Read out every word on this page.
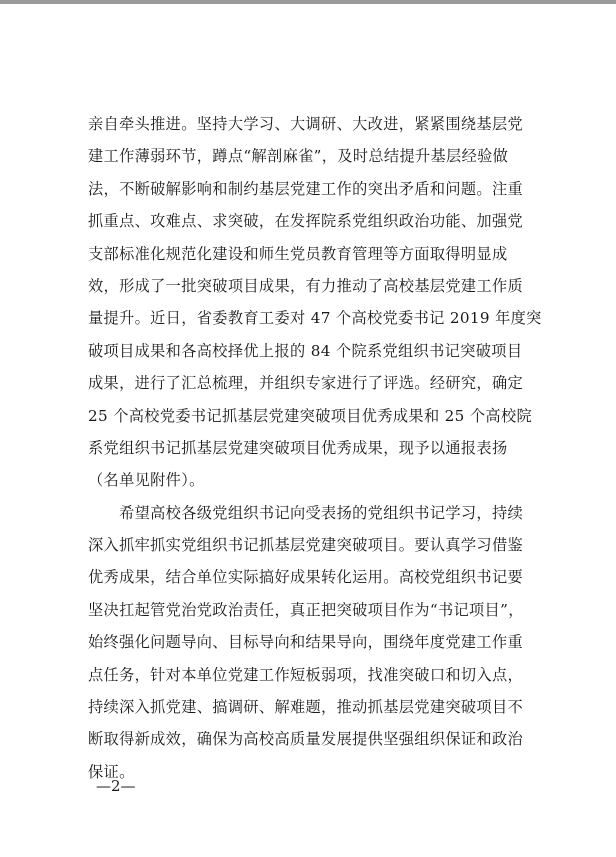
亲自牵头推进。坚持大学习、大调研、大改进，紧紧围绕基层党
建工作薄弱环节，蹲点“解剖麻雀”，及时总结提升基层经验做
法，不断破解影响和制约基层党建工作的突出矛盾和问题。注重
抓重点、攻难点、求突破，在发挥院系党组织政治功能、加强党
支部标准化规范化建设和师生党员教育管理等方面取得明显成
效，形成了一批突破项目成果，有力推动了高校基层党建工作质
量提升。近日，省委教育工委对 47 个高校党委书记 2019 年度突
破项目成果和各高校择优上报的 84 个院系党组织书记突破项目
成果，进行了汇总梳理，并组织专家进行了评选。经研究，确定
25 个高校党委书记抓基层党建突破项目优秀成果和 25 个高校院
系党组织书记抓基层党建突破项目优秀成果，现予以通报表扬
（名单见附件）。
　　希望高校各级党组织书记向受表扬的党组织书记学习，持续
深入抓牢抓实党组织书记抓基层党建突破项目。要认真学习借鉴
优秀成果，结合单位实际搞好成果转化运用。高校党组织书记要
坚决扛起管党治党政治责任，真正把突破项目作为“书记项目”，
始终强化问题导向、目标导向和结果导向，围绕年度党建工作重
点任务，针对本单位党建工作短板弱项，找准突破口和切入点，
持续深入抓党建、搞调研、解难题，推动抓基层党建突破项目不
断取得新成效，确保为高校高质量发展提供坚强组织保证和政治
保证。
—2—
